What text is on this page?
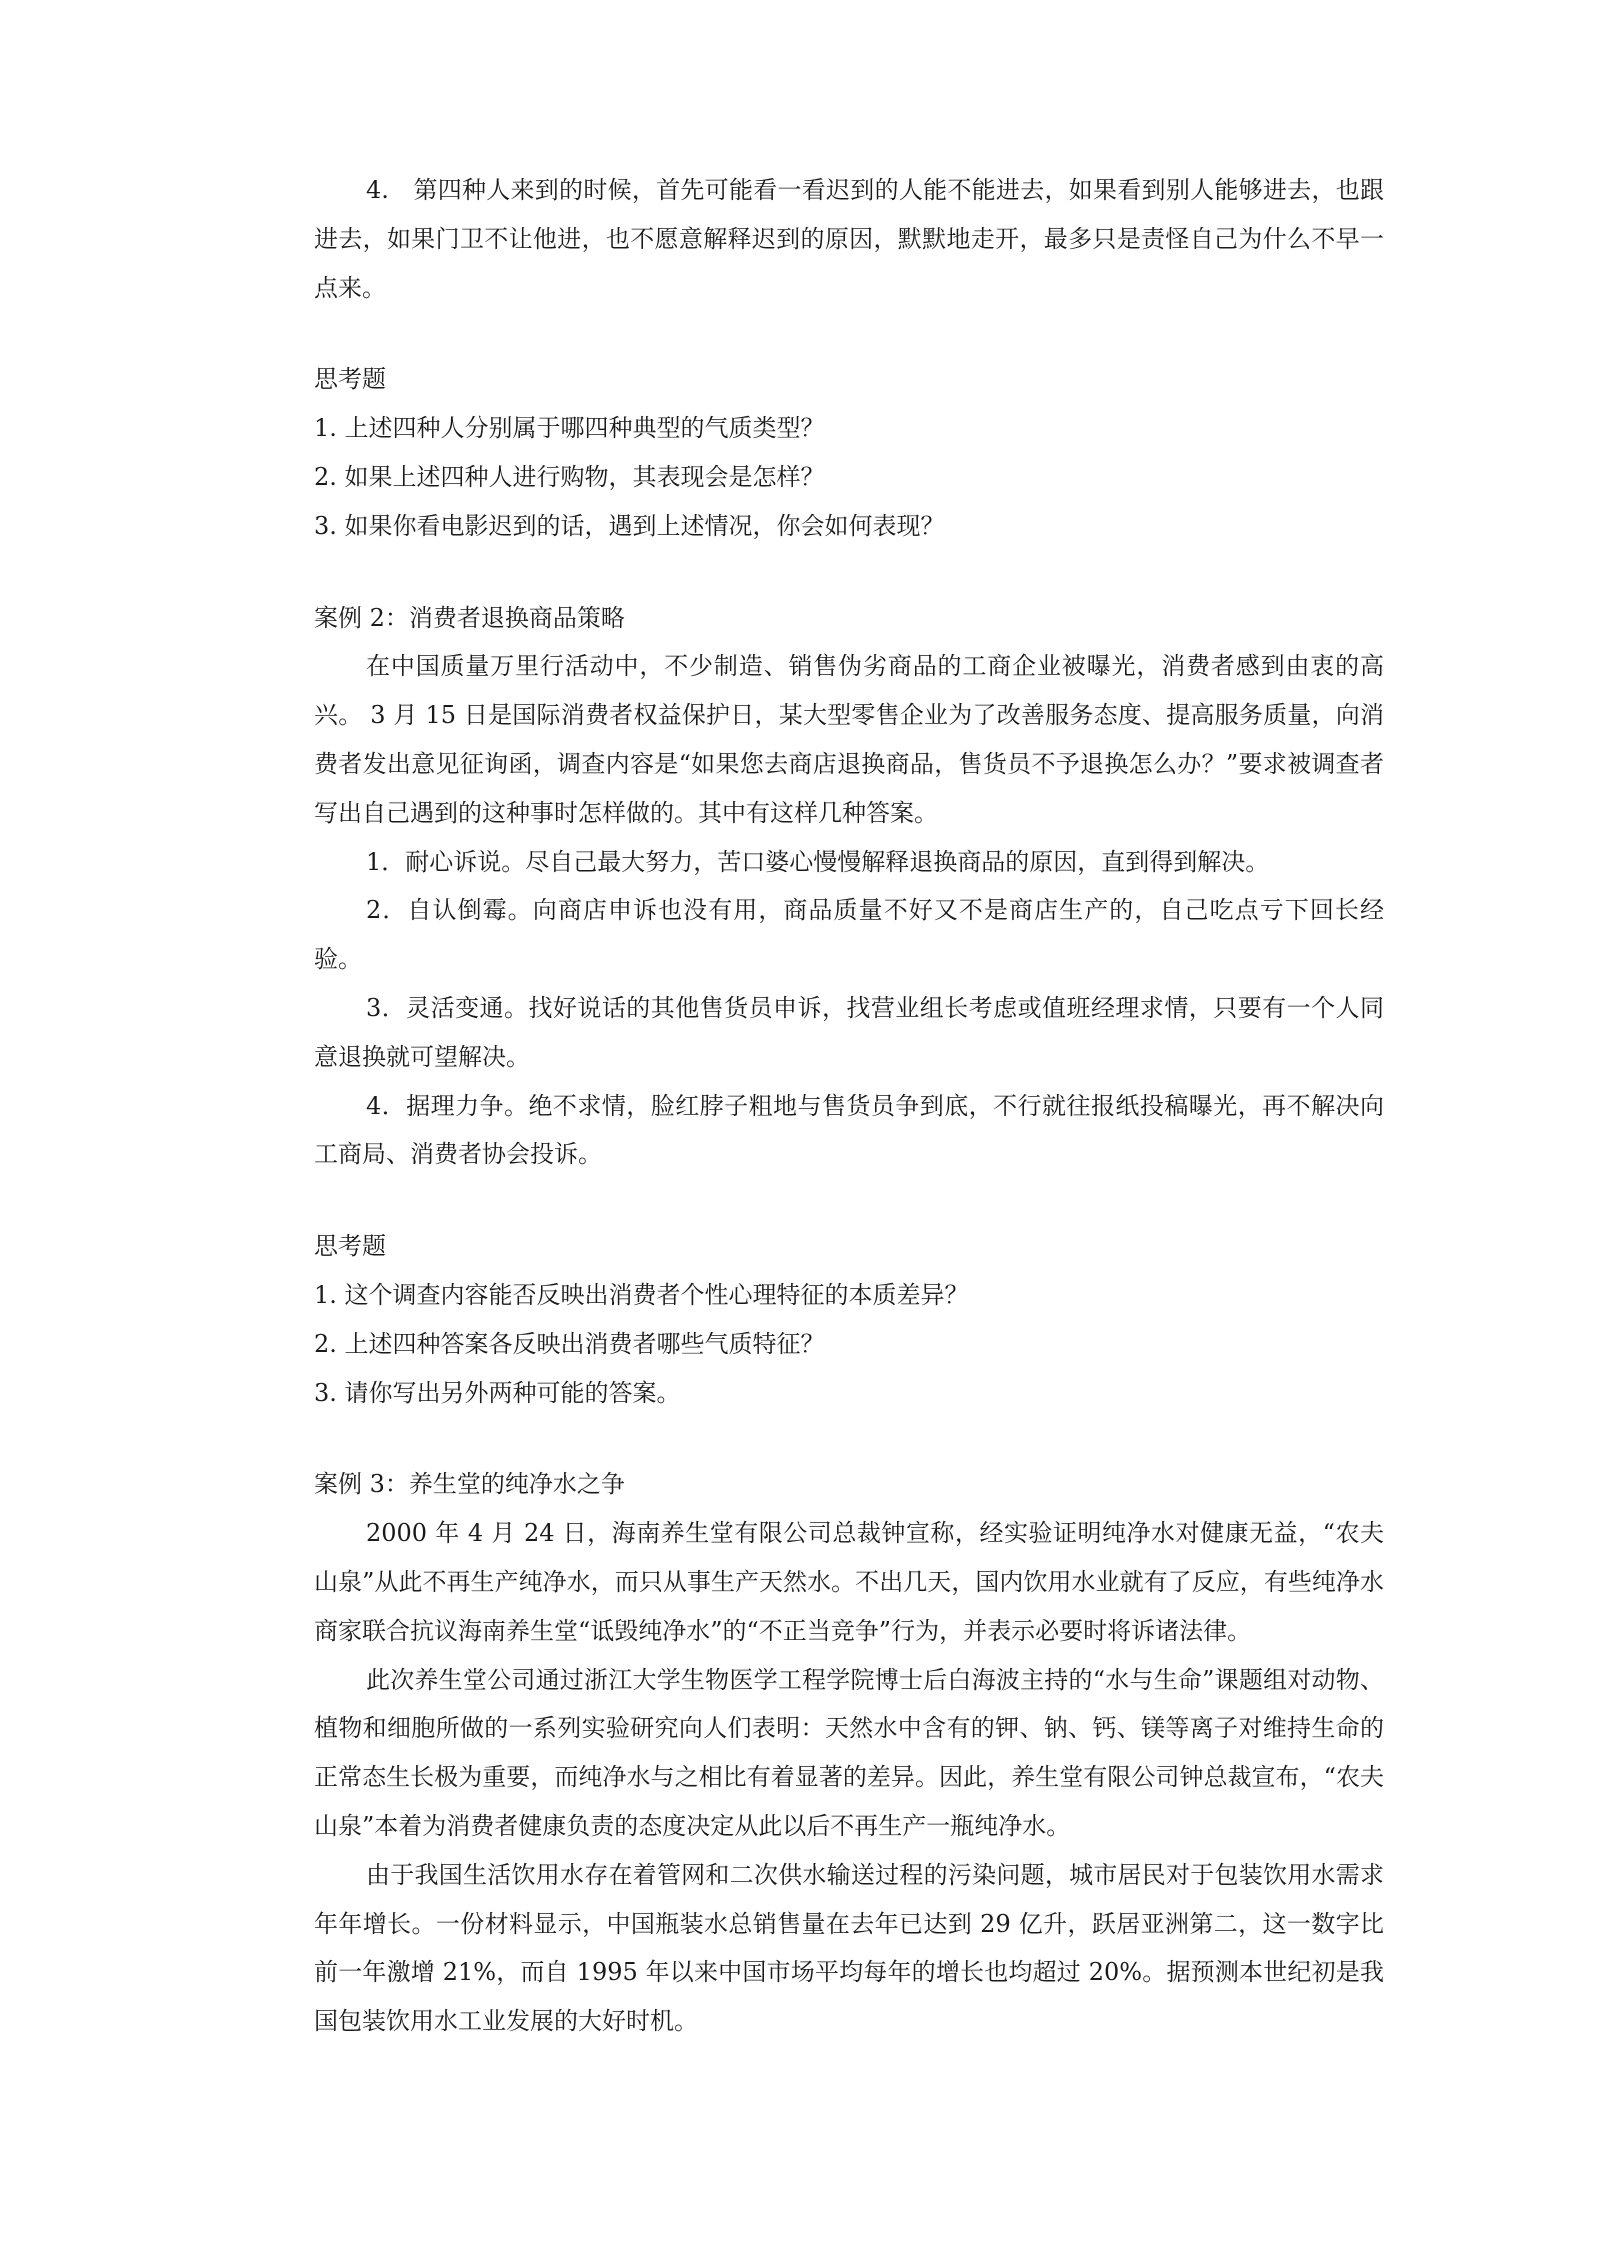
4.　第四种人来到的时候，首先可能看一看迟到的人能不能进去，如果看到别人能够进去，也跟进去，如果门卫不让他进，也不愿意解释迟到的原因，默默地走开，最多只是责怪自己为什么不早一点来。

思考题

1. 上述四种人分别属于哪四种典型的气质类型？

2. 如果上述四种人进行购物，其表现会是怎样？

3. 如果你看电影迟到的话，遇到上述情况，你会如何表现？

案例 2：消费者退换商品策略

在中国质量万里行活动中，不少制造、销售伪劣商品的工商企业被曝光，消费者感到由衷的高兴。 3 月 15 日是国际消费者权益保护日，某大型零售企业为了改善服务态度、提高服务质量，向消费者发出意见征询函，调查内容是“如果您去商店退换商品，售货员不予退换怎么办？”要求被调查者写出自己遇到的这种事时怎样做的。其中有这样几种答案。

1．耐心诉说。尽自己最大努力，苦口婆心慢慢解释退换商品的原因，直到得到解决。

2．自认倒霉。向商店申诉也没有用，商品质量不好又不是商店生产的，自己吃点亏下回长经验。

3．灵活变通。找好说话的其他售货员申诉，找营业组长考虑或值班经理求情，只要有一个人同意退换就可望解决。

4．据理力争。绝不求情，脸红脖子粗地与售货员争到底，不行就往报纸投稿曝光，再不解决向工商局、消费者协会投诉。

思考题

1. 这个调查内容能否反映出消费者个性心理特征的本质差异？

2. 上述四种答案各反映出消费者哪些气质特征？

3. 请你写出另外两种可能的答案。

案例 3：养生堂的纯净水之争

2000 年 4 月 24 日，海南养生堂有限公司总裁钟宣称，经实验证明纯净水对健康无益，“农夫山泉”从此不再生产纯净水，而只从事生产天然水。不出几天，国内饮用水业就有了反应，有些纯净水商家联合抗议海南养生堂“诋毁纯净水”的“不正当竞争”行为，并表示必要时将诉诸法律。

此次养生堂公司通过浙江大学生物医学工程学院博士后白海波主持的“水与生命”课题组对动物、植物和细胞所做的一系列实验研究向人们表明：天然水中含有的钾、钠、钙、镁等离子对维持生命的正常态生长极为重要，而纯净水与之相比有着显著的差异。因此，养生堂有限公司钟总裁宣布，“农夫山泉”本着为消费者健康负责的态度决定从此以后不再生产一瓶纯净水。

由于我国生活饮用水存在着管网和二次供水输送过程的污染问题，城市居民对于包装饮用水需求年年增长。一份材料显示，中国瓶装水总销售量在去年已达到 29 亿升，跃居亚洲第二，这一数字比前一年激增 21%，而自 1995 年以来中国市场平均每年的增长也均超过 20%。据预测本世纪初是我国包装饮用水工业发展的大好时机。
